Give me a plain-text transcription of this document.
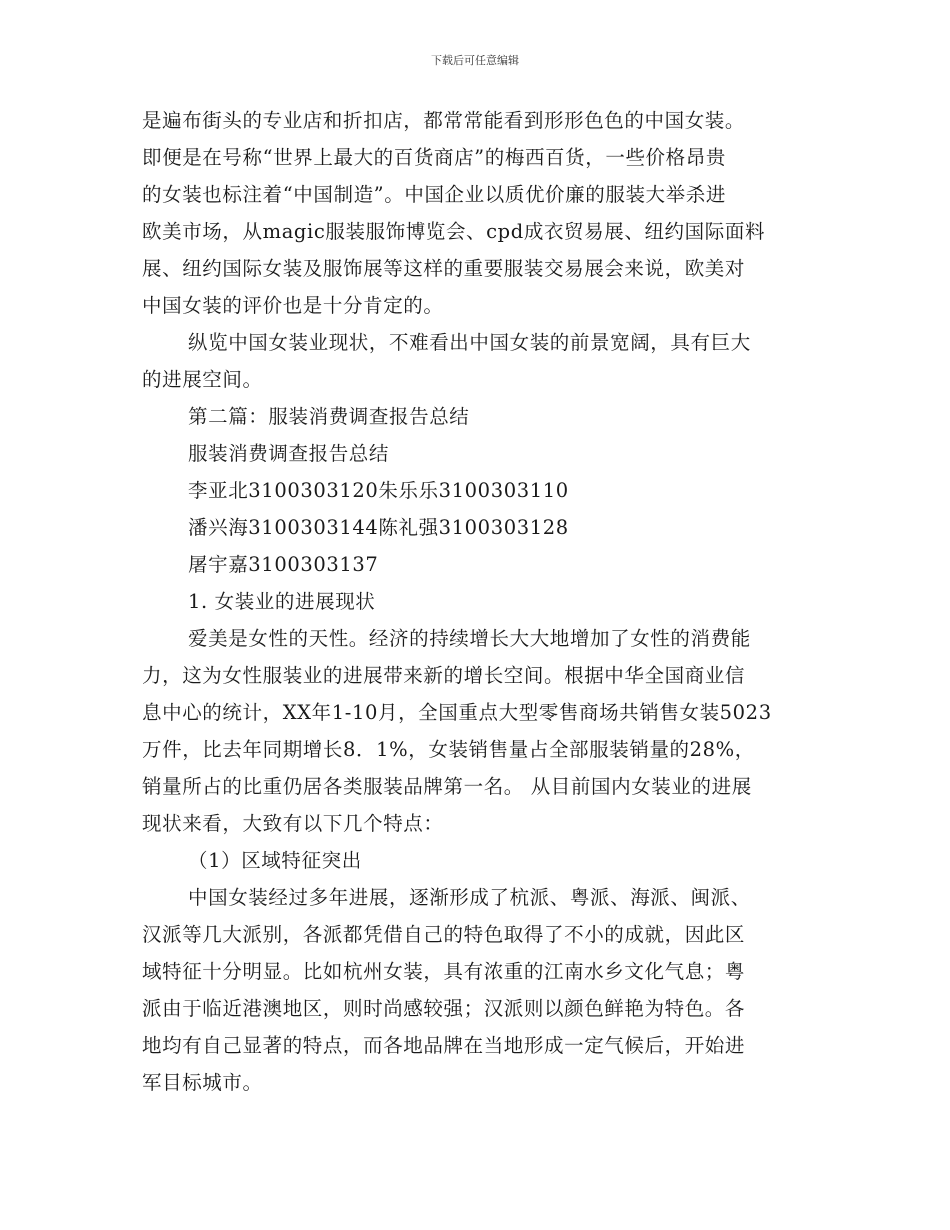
下载后可任意编辑
是遍布街头的专业店和折扣店，都常常能看到形形色色的中国女装。
即便是在号称“世界上最大的百货商店”的梅西百货，一些价格昂贵
的女装也标注着“中国制造”。中国企业以质优价廉的服装大举杀进
欧美市场，从magic服装服饰博览会、cpd成衣贸易展、纽约国际面料
展、纽约国际女装及服饰展等这样的重要服装交易展会来说，欧美对
中国女装的评价也是十分肯定的。
纵览中国女装业现状，不难看出中国女装的前景宽阔，具有巨大
的进展空间。
第二篇：服装消费调查报告总结
服装消费调查报告总结
李亚北3100303120朱乐乐3100303110
潘兴海3100303144陈礼强3100303128
屠宇嘉3100303137
1. 女装业的进展现状
爱美是女性的天性。经济的持续增长大大地增加了女性的消费能
力，这为女性服装业的进展带来新的增长空间。根据中华全国商业信
息中心的统计，XX年1-10月，全国重点大型零售商场共销售女装5023
万件，比去年同期增长8．1%，女装销售量占全部服装销量的28%，
销量所占的比重仍居各类服装品牌第一名。 从目前国内女装业的进展
现状来看，大致有以下几个特点：
（1）区域特征突出
中国女装经过多年进展，逐渐形成了杭派、粤派、海派、闽派、
汉派等几大派别，各派都凭借自己的特色取得了不小的成就，因此区
域特征十分明显。比如杭州女装，具有浓重的江南水乡文化气息；粤
派由于临近港澳地区，则时尚感较强；汉派则以颜色鲜艳为特色。各
地均有自己显著的特点，而各地品牌在当地形成一定气候后，开始进
军目标城市。
